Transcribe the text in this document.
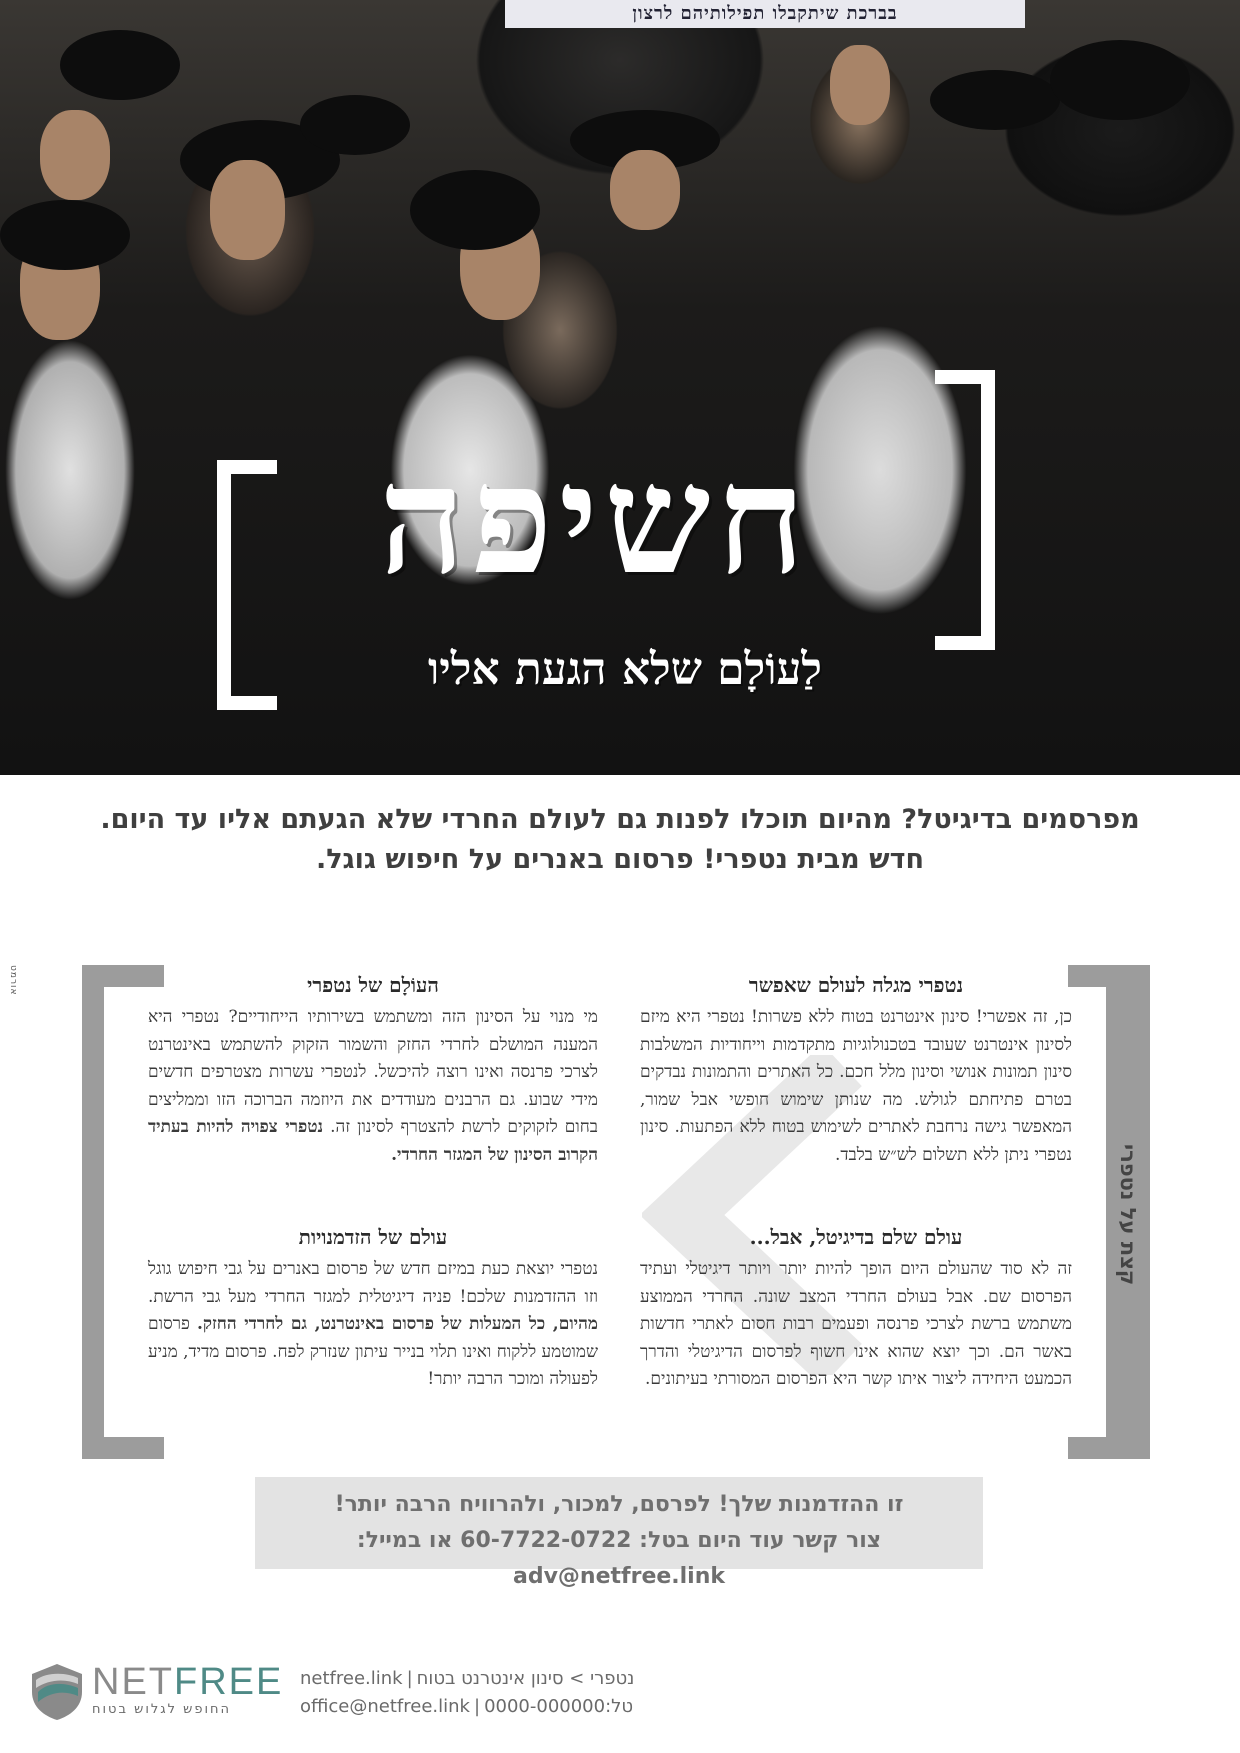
בברכת שיתקבלו תפילותיהם לרצון
חשיפה
לַעוֹלָם שלא הגעת אליו
מפרסמים בדיגיטל? מהיום תוכלו לפנות גם לעולם החרדי שלא הגעתם אליו עד היום.
חדש מבית נטפרי! פרסום באנרים על חיפוש גוגל.
אורמט
קצת על נטפרי
נטפרי מגלה לעולם שאפשר

כן, זה אפשרי! סינון אינטרנט בטוח ללא פשרות! נטפרי היא מיזם לסינון אינטרנט שעובד בטכנולוגיות מתקדמות וייחודיות המשלבות סינון תמונות אנושי וסינון מלל חכם. כל האתרים והתמונות נבדקים בטרם פתיחתם לגולש. מה שנותן שימוש חופשי אבל שמור, המאפשר גישה נרחבת לאתרים לשימוש בטוח ללא הפתעות. סינון נטפרי ניתן ללא תשלום לש״ש בלבד.

עולם שלם בדיגיטל, אבל...

זה לא סוד שהעולם היום הופך להיות יותר ויותר דיגיטלי ועתיד הפרסום שם. אבל בעולם החרדי המצב שונה. החרדי הממוצע משתמש ברשת לצרכי פרנסה ופעמים רבות חסום לאתרי חדשות באשר הם. וכך יוצא שהוא אינו חשוף לפרסום הדיגיטלי והדרך הכמעט היחידה ליצור איתו קשר היא הפרסום המסורתי בעיתונים.

העוֹלָם של נטפרי

מי מנוי על הסינון הזה ומשתמש בשירותיו הייחודיים? נטפרי היא המענה המושלם לחרדי החזק והשמור הזקוק להשתמש באינטרנט לצרכי פרנסה ואינו רוצה להיכשל. לנטפרי עשרות מצטרפים חדשים מידי שבוע. גם הרבנים מעודדים את היוזמה הברוכה הזו וממליצים בחום לזקוקים לרשת להצטרף לסינון זה. נטפרי צפויה להיות בעתיד הקרוב הסינון של המגזר החרדי.

עולם של הזדמנויות

נטפרי יוצאת כעת במיזם חדש של פרסום באנרים על גבי חיפוש גוגל וזו ההזדמנות שלכם! פניה דיגיטלית למגזר החרדי מעל גבי הרשת. מהיום, כל המעלות של פרסום באינטרנט, גם לחרדי החזק. פרסום שמוטמע ללקוח ואינו תלוי בנייר עיתון שנזרק לפח. פרסום מדיד, מניע לפעולה ומוכר הרבה יותר!

זו ההזדמנות שלך! לפרסם, למכור, ולהרוויח הרבה יותר!
צור קשר עוד היום בטל: 60-7722-0722 או במייל: adv@netfree.link
NETFREE
החופש לגלוש בטוח
netfree.link | נטפרי > סינון אינטרנט בטוח
office@netfree.link | טל:0000-000000
